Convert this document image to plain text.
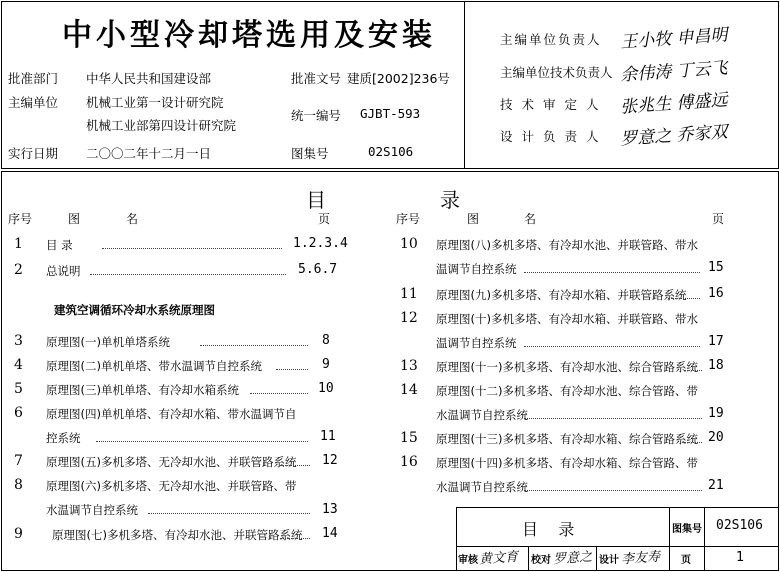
中小型冷却塔选用及安装
批准部门 中华人民共和国建设部	批准文号 建质[2002]236号
主编单位 机械工业第一设计研究院
机械工业部第四设计研究院
统一编号 GJBT-593
实行日期 二〇〇二年十二月一日	图集号	02S106
主编单位负责人 王小牧 申昌明
主编单位技术负责人 余伟涛 丁云飞
技术审定人 张兆生 傅盛远
设计负责人 罗意之 乔家双
目	录
序号	图	名	页	序号	图	名	页
1 目 录	1.2.3.4
2 总说明	5.6.7
建筑空调循环冷却水系统原理图
3 原理图(一)单机单塔系统	8
4 原理图(二)单机单塔、带水温调节自控系统	9
5 原理图(三)单机单塔、有冷却水箱系统	10
6 原理图(四)单机单塔、有冷却水箱、带水温调节自
控系统	11
7 原理图(五)多机多塔、无冷却水池、并联管路系统 12
8 原理图(六)多机多塔、无冷却水池、并联管路、带
水温调节自控系统	13
9	原理图(七)多机多塔、有冷却水池、并联管路系统 14
10 原理图(八)多机多塔、有冷却水池、并联管路、带水
温调节自控系统	15
11 原理图(九)多机多塔、有冷却水箱、并联管路系统 16
12 原理图(十)多机多塔、有冷却水箱、并联管路、带水
温调节自控系统	17
13 原理图(十一)多机多塔、有冷却水池、综合管路系统 18
14 原理图(十二)多机多塔、有冷却水池、综合管路、带
水温调节自控系统	19
15 原理图(十三)多机多塔、有冷却水箱、综合管路系统 20
16 原理图(十四)多机多塔、有冷却水箱、综合管路、带
水温调节自控系统	21
目    录	图集号 02S106
审核 黄文育 校对 罗意之 设计 李友寿 页	1
